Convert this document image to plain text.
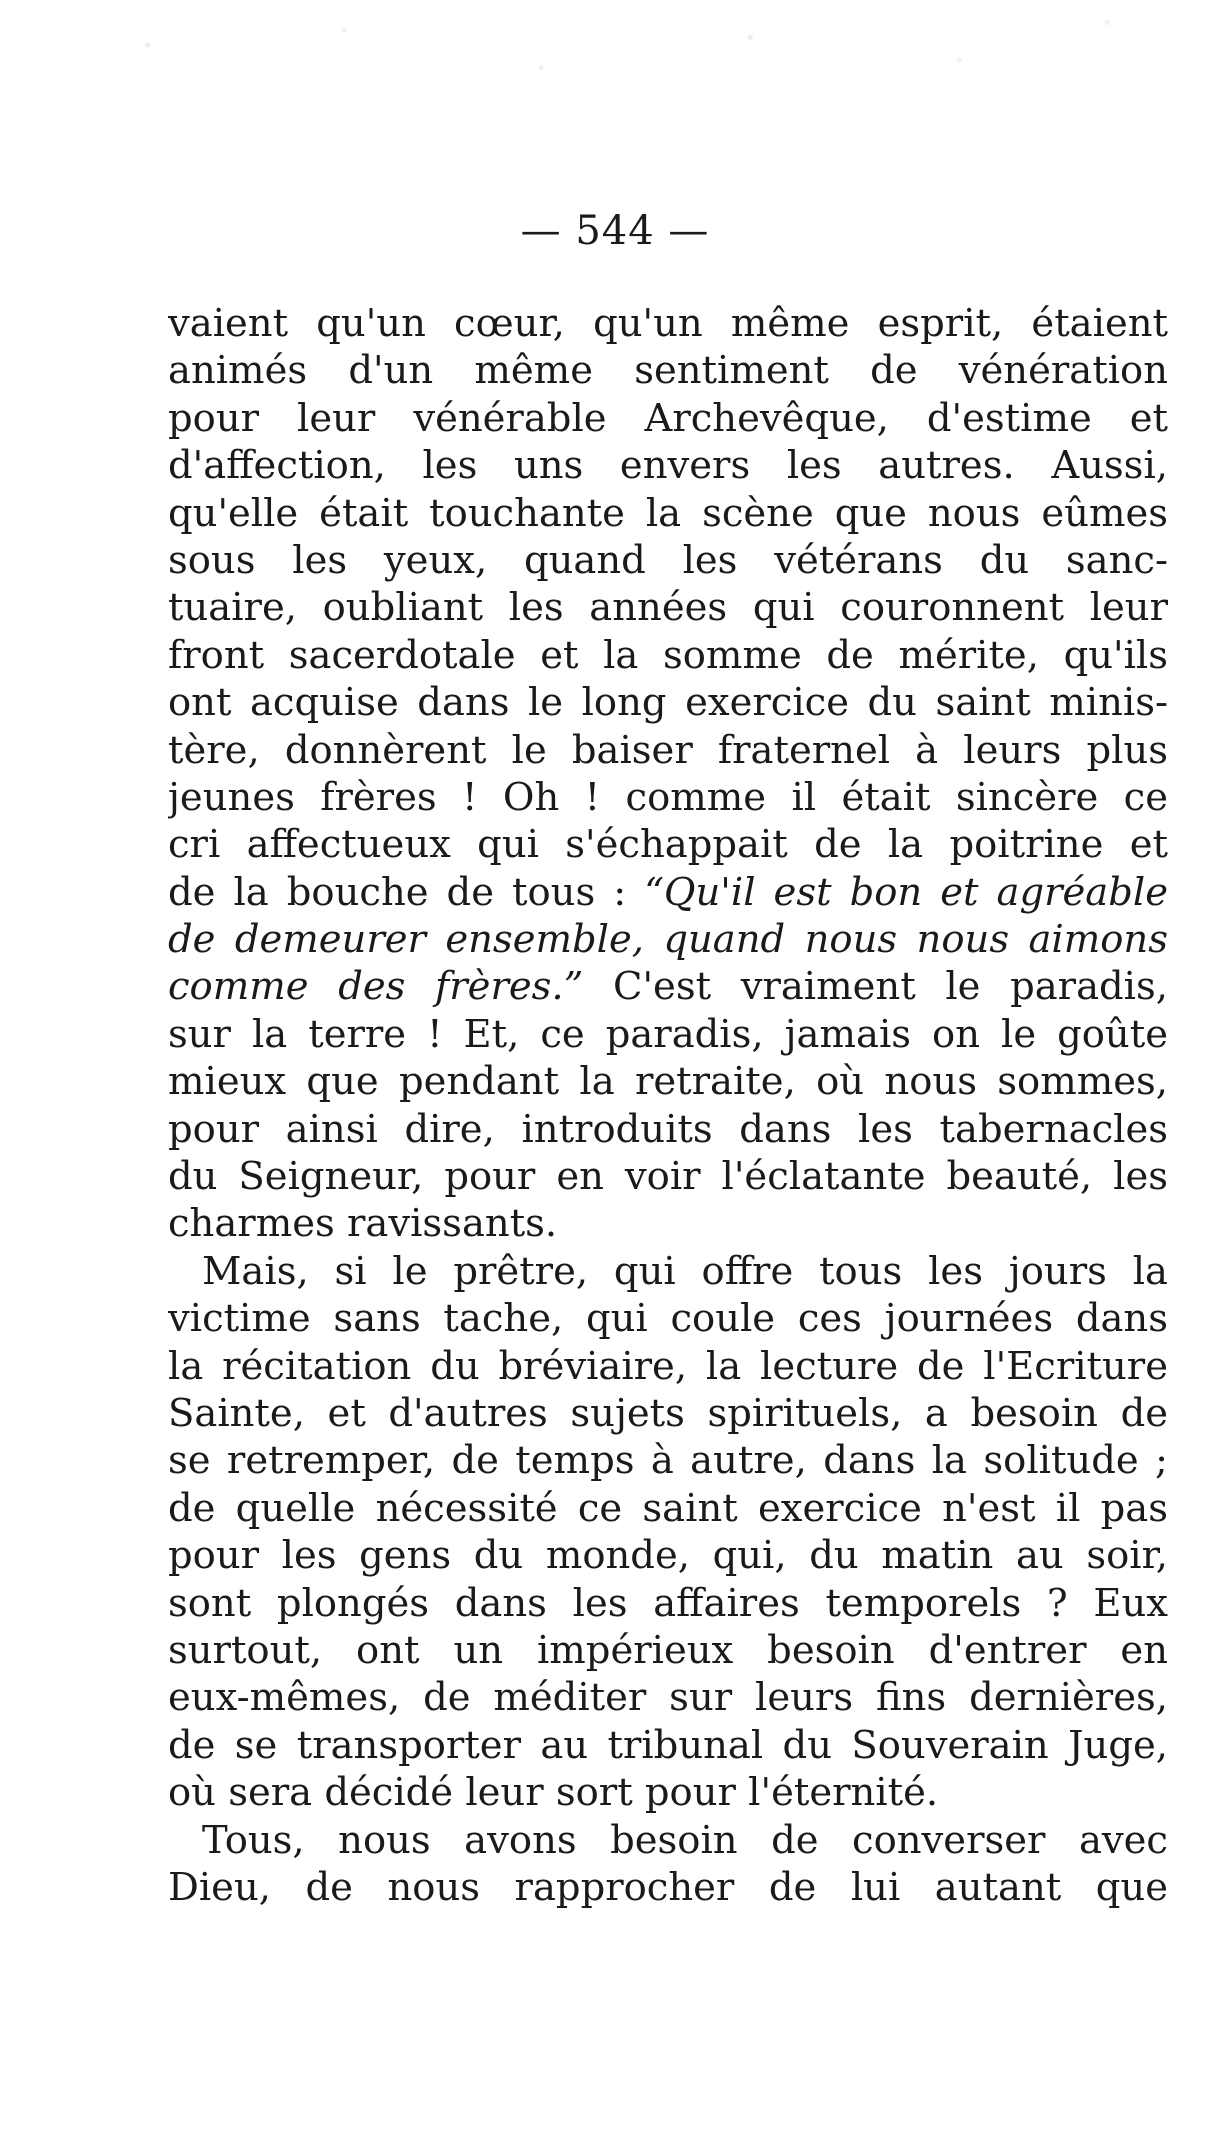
— 544 —
vaient qu'un cœur, qu'un même esprit, étaient
animés d'un même sentiment de vénération
pour leur vénérable Archevêque, d'estime et
d'affection, les uns envers les autres. Aussi,
qu'elle était touchante la scène que nous eûmes
sous les yeux, quand les vétérans du sanc-
tuaire, oubliant les années qui couronnent leur
front sacerdotale et la somme de mérite, qu'ils
ont acquise dans le long exercice du saint minis-
tère, donnèrent le baiser fraternel à leurs plus
jeunes frères ! Oh ! comme il était sincère ce
cri affectueux qui s'échappait de la poitrine et
de la bouche de tous : “Qu'il est bon et agréable
de demeurer ensemble, quand nous nous aimons
comme des frères.” C'est vraiment le paradis,
sur la terre ! Et, ce paradis, jamais on le goûte
mieux que pendant la retraite, où nous sommes,
pour ainsi dire, introduits dans les tabernacles
du Seigneur, pour en voir l'éclatante beauté, les
charmes ravissants.
Mais, si le prêtre, qui offre tous les jours la
victime sans tache, qui coule ces journées dans
la récitation du bréviaire, la lecture de l'Ecriture
Sainte, et d'autres sujets spirituels, a besoin de
se retremper, de temps à autre, dans la solitude ;
de quelle nécessité ce saint exercice n'est il pas
pour les gens du monde, qui, du matin au soir,
sont plongés dans les affaires temporels ? Eux
surtout, ont un impérieux besoin d'entrer en
eux-mêmes, de méditer sur leurs fins dernières,
de se transporter au tribunal du Souverain Juge,
où sera décidé leur sort pour l'éternité.
Tous, nous avons besoin de converser avec
Dieu, de nous rapprocher de lui autant que
